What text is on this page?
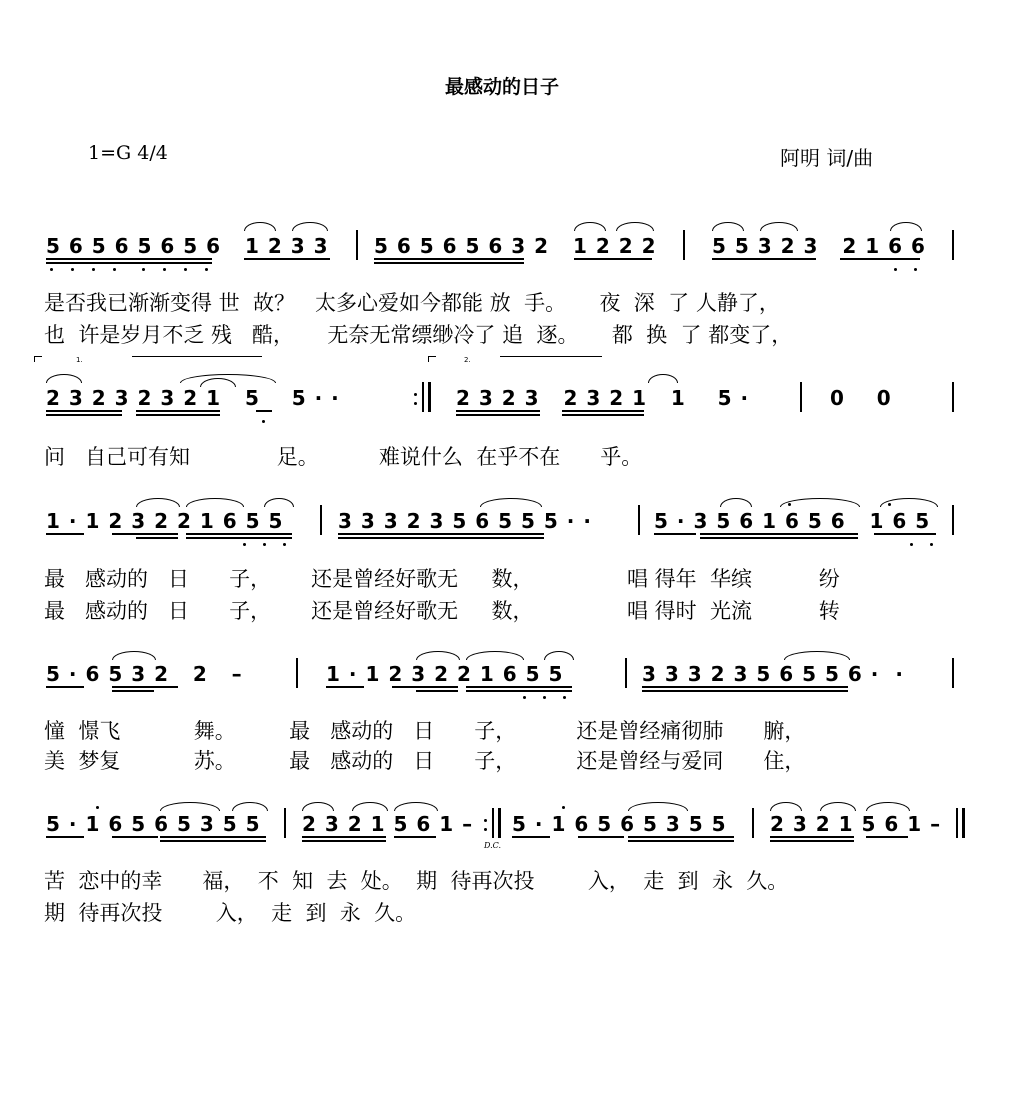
最感动的日子
1=G 4/4	阿明 词/曲
5 6 5 6 5 6 5 6   1 2 3 3 5 6 5 6 5 6 3 2   1 2 2 2	5 5 3 2 3   2 1 6 6
是否我已渐渐变得 世  故？   太多心爱如今都能 放  手。     夜  深  了 人静了，
也  许是岁月不乏 残   酷，     无奈无常缥缈冷了 追  逐。     都  换  了 都变了，
1.	2.
2 3 2 3 2 3 2 1   5    5 · ·	2 3 2 3   2 3 2 1   1    5 ·	0    0
问   自己可有知             足。         难说什么  在乎不在      乎。
1 · 1 2 3 2 2 1 6 5 5	3 3 3 2 3 5 6 5 5 5 · ·	5 · 3 5 6 1 6 5 6   1 6 5
最   感动的   日      子，      还是曾经好歌无     数，              唱 得年  华缤          纷
最   感动的   日      子，      还是曾经好歌无     数，              唱 得时  光流          转
5 · 6 5 3 2   2   –	1 · 1 2 3 2 2 1 6 5 5	3 3 3 2 3 5 6 5 5 6 ·  ·
憧  憬飞           舞。        最   感动的   日      子，         还是曾经痛彻肺      腑，
美  梦复           苏。        最   感动的   日      子，         还是曾经与爱同      住，
5 · 1 6 5 6 5 3 5 5 2 3 2 1 5 6 1 –
D.C.
5 · 1 6 5 6 5 3 5 5 2 3 2 1 5 6 1 –
苦  恋中的幸      福，  不  知  去  处。  期  待再次投        入，  走  到  永  久。
期  待再次投        入，  走  到  永  久。
